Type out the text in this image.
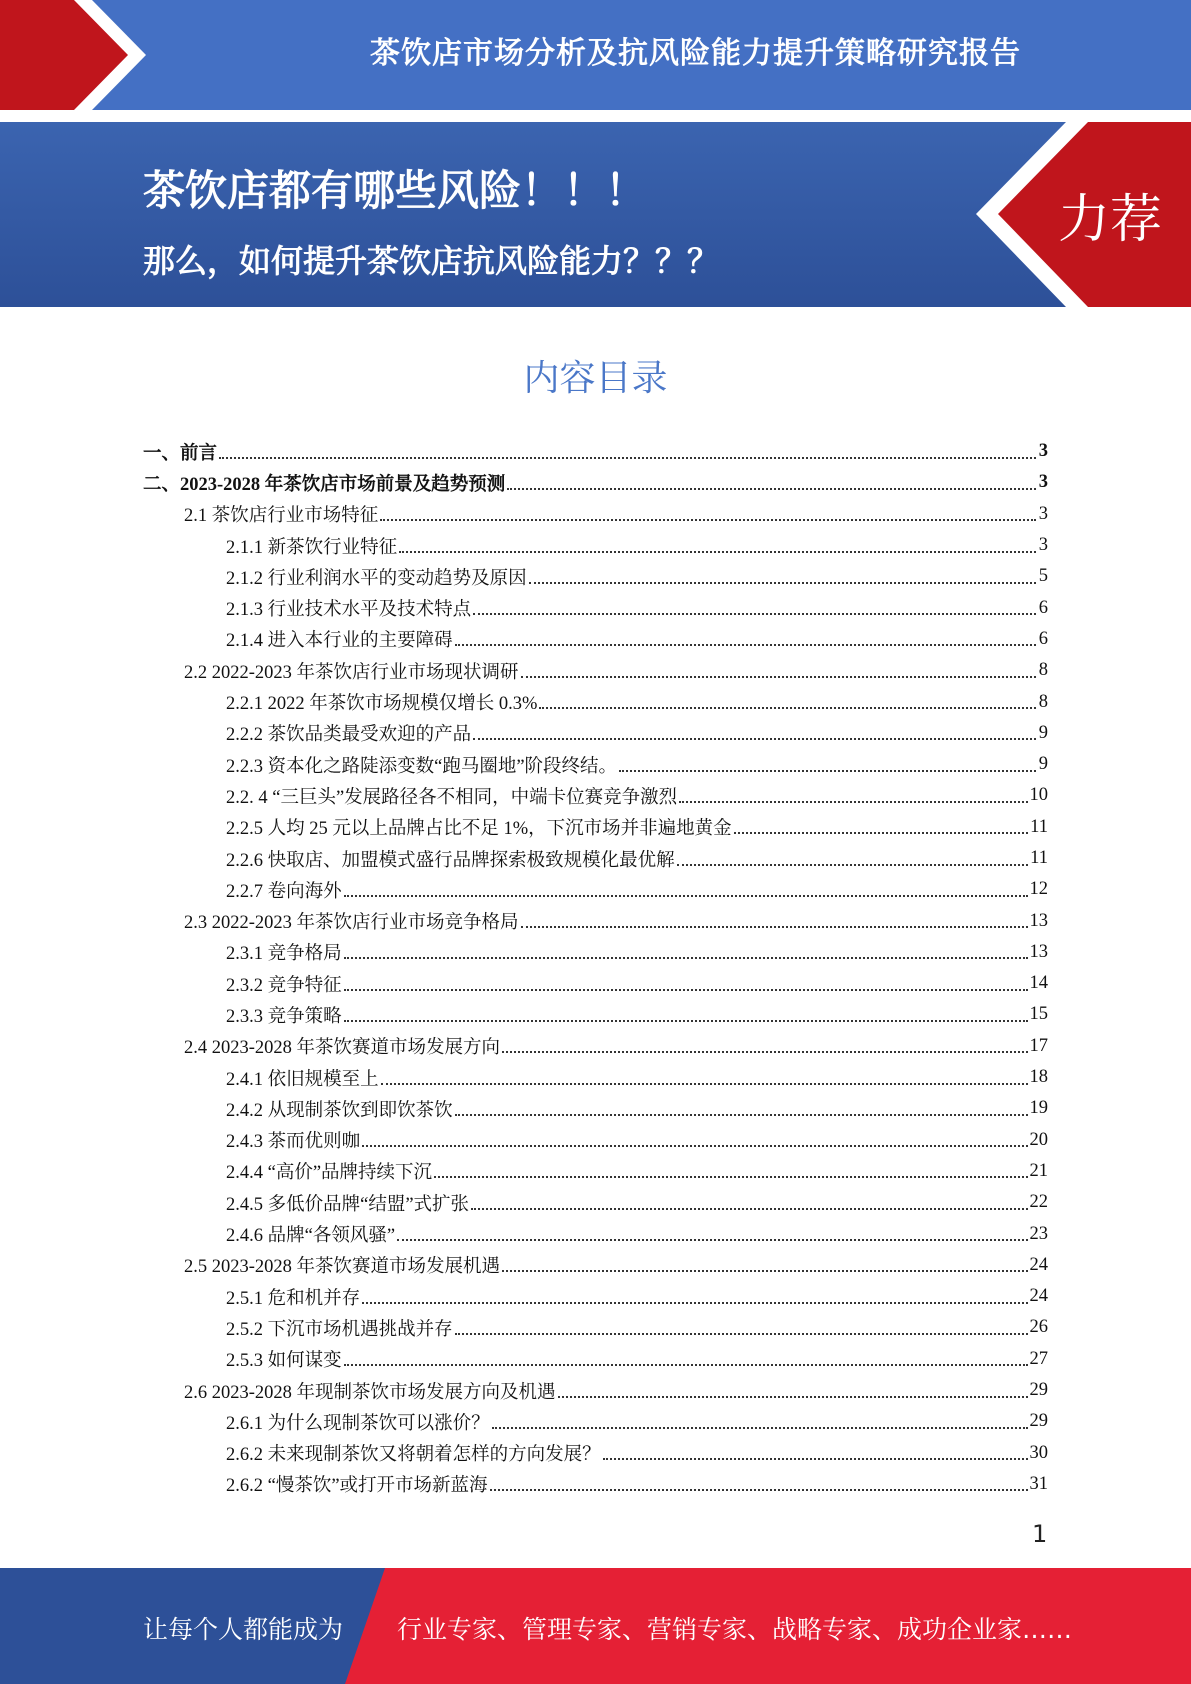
茶饮店市场分析及抗风险能力提升策略研究报告
茶饮店都有哪些风险！！！
那么，如何提升茶饮店抗风险能力？？？
力荐
内容目录
一、前言	3
二、2023-2028 年茶饮店市场前景及趋势预测	3
2.1 茶饮店行业市场特征	3
2.1.1 新茶饮行业特征	3
2.1.2 行业利润水平的变动趋势及原因	5
2.1.3 行业技术水平及技术特点	6
2.1.4 进入本行业的主要障碍	6
2.2 2022-2023 年茶饮店行业市场现状调研	8
2.2.1 2022 年茶饮市场规模仅增长 0.3%	8
2.2.2 茶饮品类最受欢迎的产品	9
2.2.3 资本化之路陡添变数“跑马圈地”阶段终结。	9
2.2. 4 “三巨头”发展路径各不相同，中端卡位赛竞争激烈	10
2.2.5 人均 25 元以上品牌占比不足 1%，下沉市场并非遍地黄金	11
2.2.6 快取店、加盟模式盛行品牌探索极致规模化最优解	11
2.2.7 卷向海外	12
2.3 2022-2023 年茶饮店行业市场竞争格局	13
2.3.1 竞争格局	13
2.3.2 竞争特征	14
2.3.3 竞争策略	15
2.4 2023-2028 年茶饮赛道市场发展方向	17
2.4.1 依旧规模至上	18
2.4.2 从现制茶饮到即饮茶饮	19
2.4.3 茶而优则咖	20
2.4.4 “高价”品牌持续下沉	21
2.4.5 多低价品牌“结盟”式扩张	22
2.4.6 品牌“各领风骚”	23
2.5 2023-2028 年茶饮赛道市场发展机遇	24
2.5.1 危和机并存	24
2.5.2 下沉市场机遇挑战并存	26
2.5.3 如何谋变	27
2.6 2023-2028 年现制茶饮市场发展方向及机遇	29
2.6.1 为什么现制茶饮可以涨价？	29
2.6.2 未来现制茶饮又将朝着怎样的方向发展？	30
2.6.2 “慢茶饮”或打开市场新蓝海	31
1
让每个人都能成为 行业专家、管理专家、营销专家、战略专家、成功企业家……
